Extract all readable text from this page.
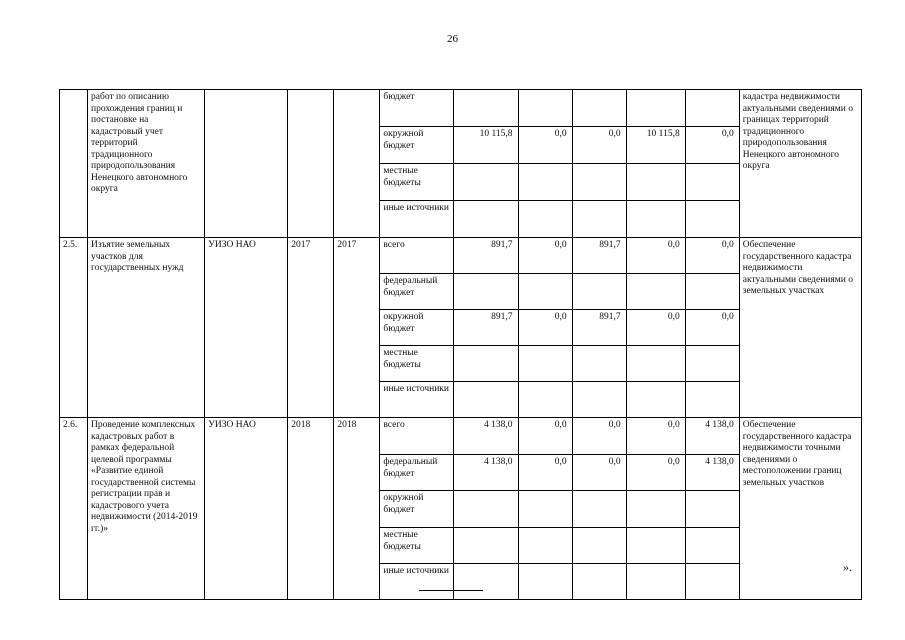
26
	работ по описанию прохождения границ и постановке на кадастровый учет территорий традиционного природопользования Ненецкого автономного округа				бюджет						кадастра недвижимости актуальными сведениями о границах территорий традиционного природопользования Ненецкого автономного округа
					окружной бюджет	10 115,8	0,0	0,0	10 115,8	0,0	
					местные бюджеты						
					иные источники						
2.5.	Изъятие земельных участков для государственных нужд	УИЗО НАО	2017	2017	всего	891,7	0,0	891,7	0,0	0,0	Обеспечение государственного кадастра недвижимости актуальными сведениями о земельных участках
					федеральный бюджет						
					окружной бюджет	891,7	0,0	891,7	0,0	0,0	
					местные бюджеты						
					иные источники						
2.6.	Проведение комплексных кадастровых работ в рамках федеральной целевой программы «Развитие единой государственной системы регистрации прав и кадастрового учета недвижимости (2014-2019 гг.)»	УИЗО НАО	2018	2018	всего	4 138,0	0,0	0,0	0,0	4 138,0	Обеспечение государственного кадастра недвижимости точными сведениями о местоположении границ земельных участков
					федеральный бюджет	4 138,0	0,0	0,0	0,0	4 138,0	
					окружной бюджет						
					местные бюджеты						
					иные источники							».
